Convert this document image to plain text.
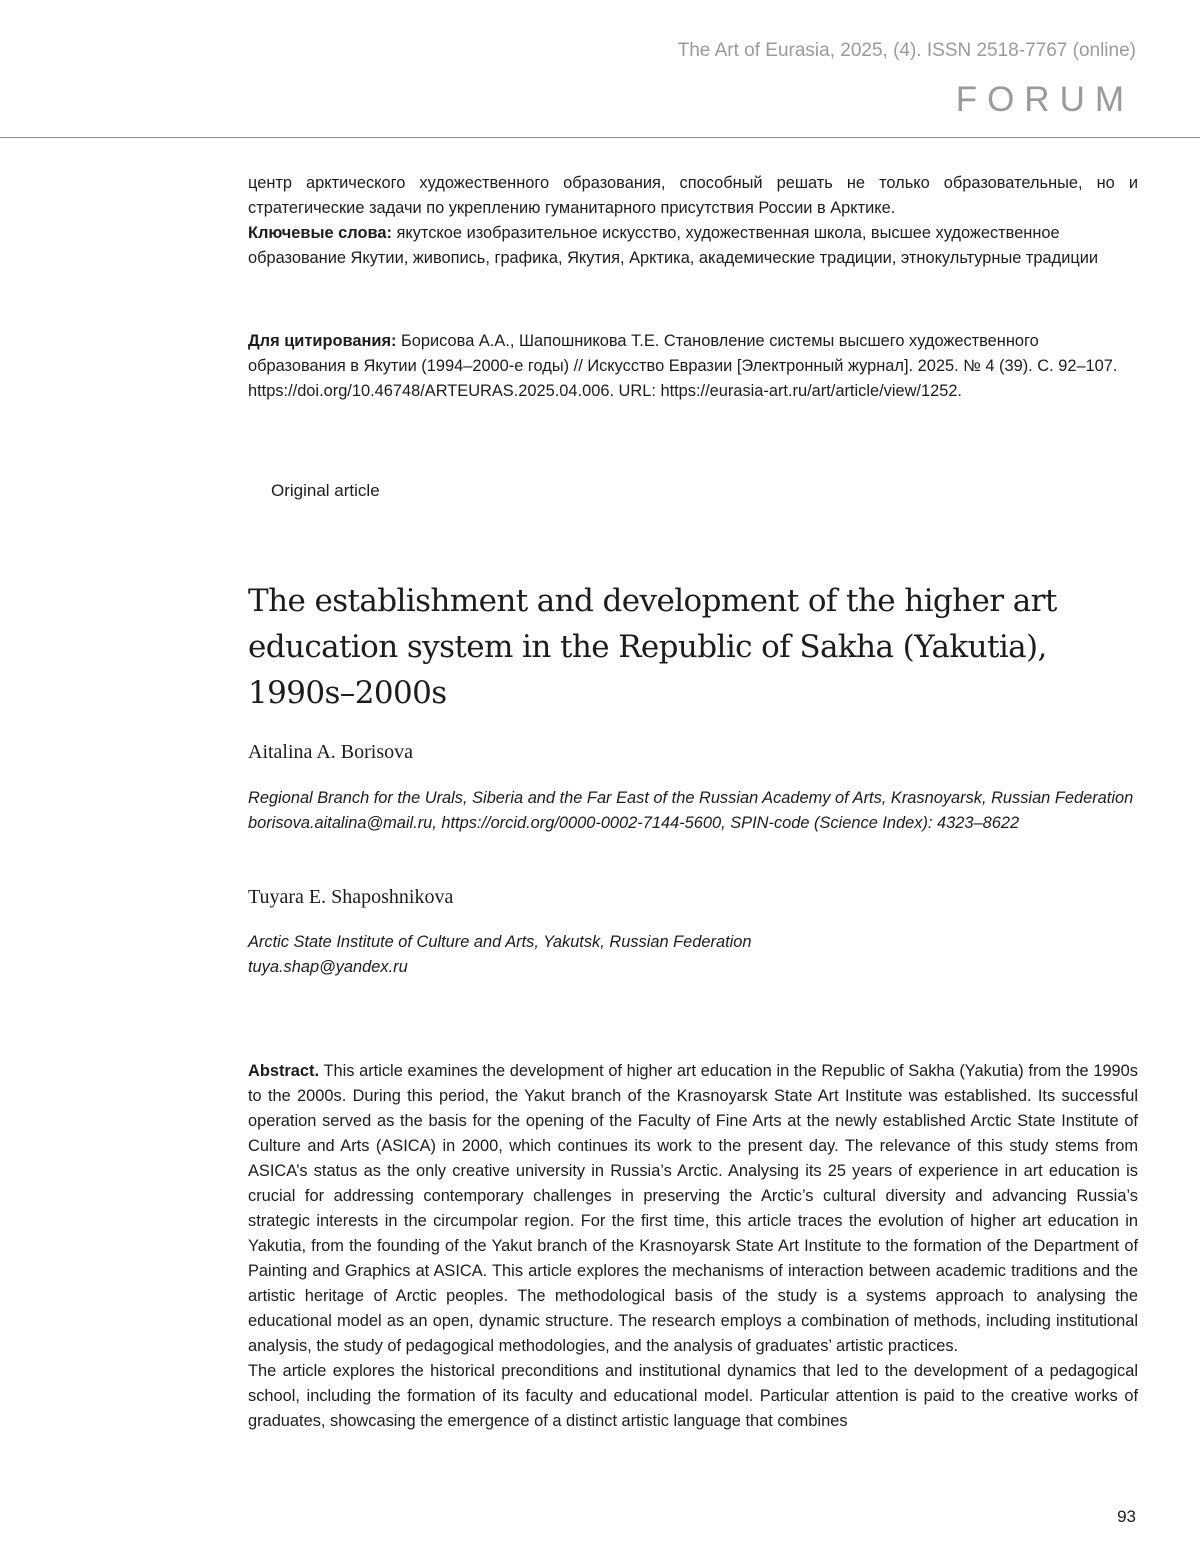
The Art of Eurasia, 2025, (4). ISSN 2518-7767 (online)
FORUM

центр арктического художественного образования, способный решать не только образовательные, но и стратегические задачи по укреплению гуманитарного присутствия России в Арктике.

Ключевые слова: якутское изобразительное искусство, художественная школа, высшее художественное образование Якутии, живопись, графика, Якутия, Арктика, академические традиции, этнокультурные традиции

Для цитирования: Борисова А.А., Шапошникова Т.Е. Становление системы высшего художественного образования в Якутии (1994–2000-е годы) // Искусство Евразии [Электронный журнал]. 2025. № 4 (39). С. 92–107. https://doi.org/10.46748/ARTEURAS.2025.04.006. URL: https://eurasia-art.ru/art/article/view/1252.

Original article
The establishment and development of the higher art education system in the Republic of Sakha (Yakutia), 1990s–2000s

Aitalina A. Borisova

Regional Branch for the Urals, Siberia and the Far East of the Russian Academy of Arts, Krasnoyarsk, Russian Federation

borisova.aitalina@mail.ru, https://orcid.org/0000-0002-7144-5600, SPIN-code (Science Index): 4323–8622

Tuyara E. Shaposhnikova

Arctic State Institute of Culture and Arts, Yakutsk, Russian Federation

tuya.shap@yandex.ru

Abstract. This article examines the development of higher art education in the Republic of Sakha (Yakutia) from the 1990s to the 2000s. During this period, the Yakut branch of the Krasnoyarsk State Art Institute was established. Its successful operation served as the basis for the opening of the Faculty of Fine Arts at the newly established Arctic State Institute of Culture and Arts (ASICA) in 2000, which continues its work to the present day. The relevance of this study stems from ASICA’s status as the only creative university in Russia’s Arctic. Analysing its 25 years of experience in art education is crucial for addressing contemporary challenges in preserving the Arctic’s cultural diversity and advancing Russia’s strategic interests in the circumpolar region. For the first time, this article traces the evolution of higher art education in Yakutia, from the founding of the Yakut branch of the Krasnoyarsk State Art Institute to the formation of the Department of Painting and Graphics at ASICA. This article explores the mechanisms of interaction between academic traditions and the artistic heritage of Arctic peoples. The methodological basis of the study is a systems approach to analysing the educational model as an open, dynamic structure. The research employs a combination of methods, including institutional analysis, the study of pedagogical methodologies, and the analysis of graduates’ artistic practices.

The article explores the historical preconditions and institutional dynamics that led to the development of a pedagogical school, including the formation of its faculty and educational model. Particular attention is paid to the creative works of graduates, showcasing the emergence of a distinct artistic language that combines

93
